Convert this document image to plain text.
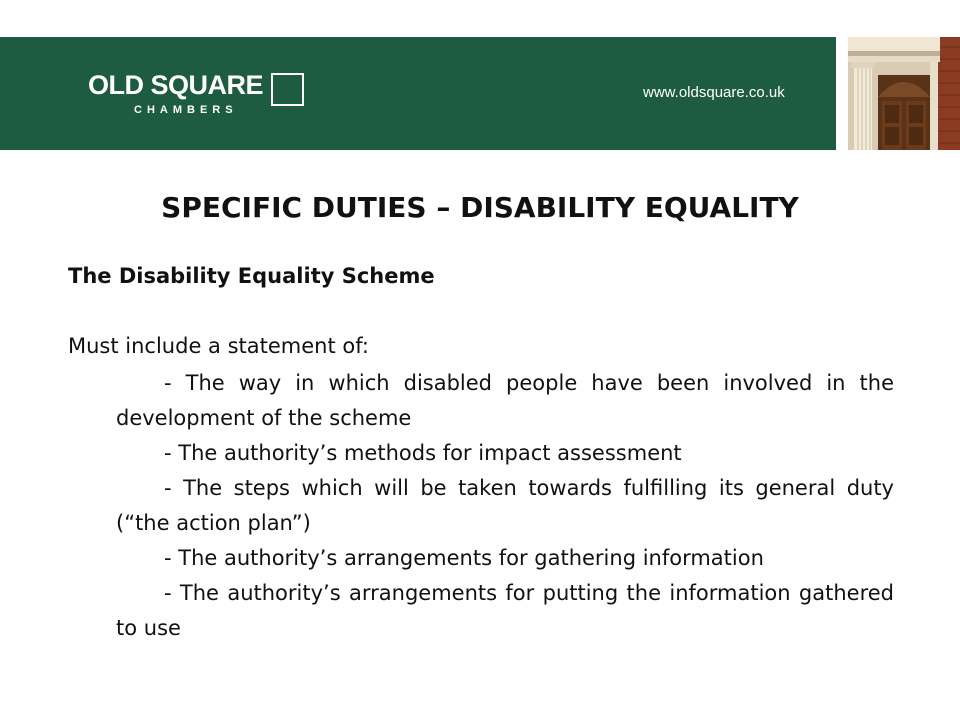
OLD SQUARE
CHAMBERS
www.oldsquare.co.uk
SPECIFIC DUTIES – DISABILITY EQUALITY
The Disability Equality Scheme
Must include a statement of:
- The way in which disabled people have been involved in the development of the scheme
- The authority’s methods for impact assessment
- The steps which will be taken towards fulfilling its general duty (“the action plan”)
- The authority’s arrangements for gathering information
- The authority’s arrangements for putting the information gathered to use
